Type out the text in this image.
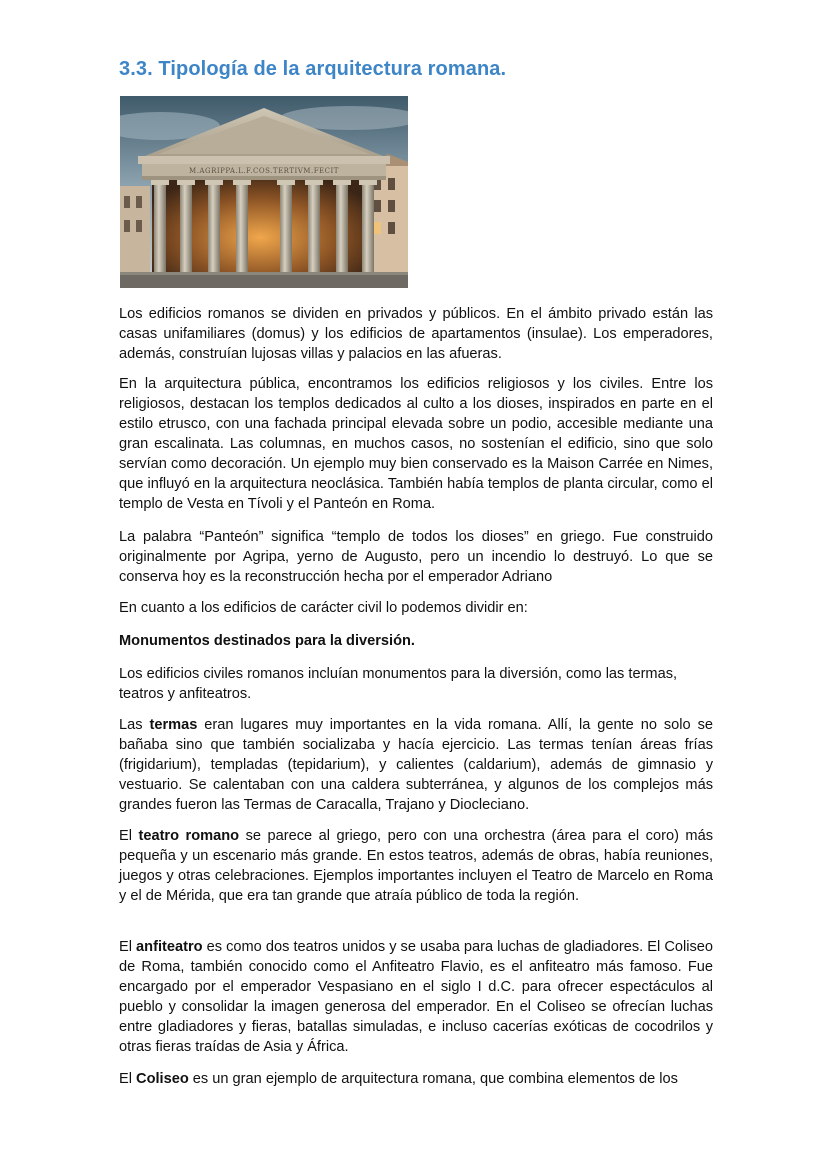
3.3. Tipología de la arquitectura romana.
M.AGRIPPA.L.F.COS.TERTIVM.FECIT

Los edificios romanos se dividen en privados y públicos. En el ámbito privado están las casas unifamiliares (domus) y los edificios de apartamentos (insulae). Los emperadores, además, construían lujosas villas y palacios en las afueras.

En la arquitectura pública, encontramos los edificios religiosos y los civiles. Entre los religiosos, destacan los templos dedicados al culto a los dioses, inspirados en parte en el estilo etrusco, con una fachada principal elevada sobre un podio, accesible mediante una gran escalinata. Las columnas, en muchos casos, no sostenían el edificio, sino que solo servían como decoración. Un ejemplo muy bien conservado es la Maison Carrée en Nimes, que influyó en la arquitectura neoclásica. También había templos de planta circular, como el templo de Vesta en Tívoli y el Panteón en Roma.

La palabra “Panteón” significa “templo de todos los dioses” en griego. Fue construido originalmente por Agripa, yerno de Augusto, pero un incendio lo destruyó. Lo que se conserva hoy es la reconstrucción hecha por el emperador Adriano

En cuanto a los edificios de carácter civil lo podemos dividir en:

Monumentos destinados para la diversión.

Los edificios civiles romanos incluían monumentos para la diversión, como las termas, teatros y anfiteatros.

Las termas eran lugares muy importantes en la vida romana. Allí, la gente no solo se bañaba sino que también socializaba y hacía ejercicio. Las termas tenían áreas frías (frigidarium), templadas (tepidarium), y calientes (caldarium), además de gimnasio y vestuario. Se calentaban con una caldera subterránea, y algunos de los complejos más grandes fueron las Termas de Caracalla, Trajano y Diocleciano.

El teatro romano se parece al griego, pero con una orchestra (área para el coro) más pequeña y un escenario más grande. En estos teatros, además de obras, había reuniones, juegos y otras celebraciones. Ejemplos importantes incluyen el Teatro de Marcelo en Roma y el de Mérida, que era tan grande que atraía público de toda la región.

El anfiteatro es como dos teatros unidos y se usaba para luchas de gladiadores. El Coliseo de Roma, también conocido como el Anfiteatro Flavio, es el anfiteatro más famoso. Fue encargado por el emperador Vespasiano en el siglo I d.C. para ofrecer espectáculos al pueblo y consolidar la imagen generosa del emperador. En el Coliseo se ofrecían luchas entre gladiadores y fieras, batallas simuladas, e incluso cacerías exóticas de cocodrilos y otras fieras traídas de Asia y África.

El Coliseo es un gran ejemplo de arquitectura romana, que combina elementos de los
